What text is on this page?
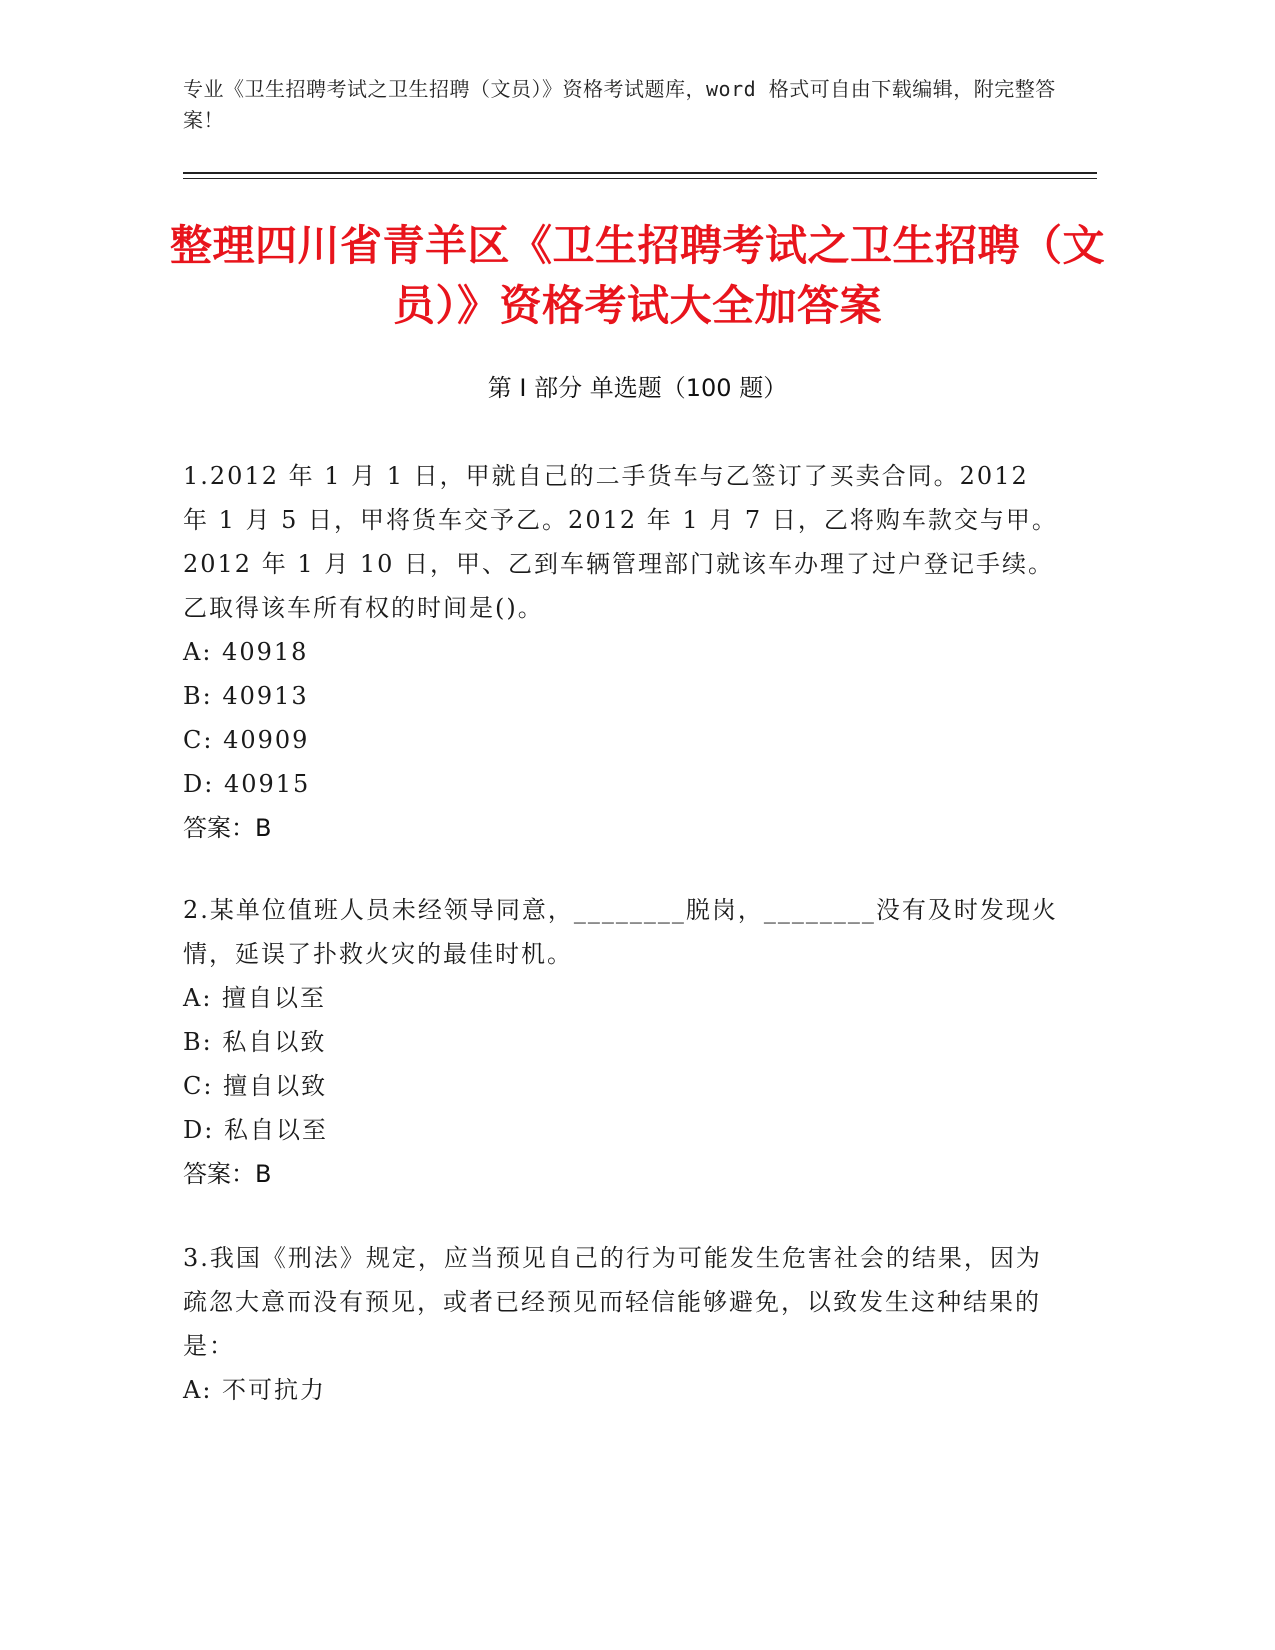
专业《卫生招聘考试之卫生招聘（文员）》资格考试题库，word 格式可自由下载编辑，附完整答案！
整理四川省青羊区《卫生招聘考试之卫生招聘（文员）》资格考试大全加答案
第 I 部分 单选题（100 题）
1.2012 年 1 月 1 日，甲就自己的二手货车与乙签订了买卖合同。2012 年 1 月 5 日，甲将货车交予乙。2012 年 1 月 7 日，乙将购车款交与甲。2012 年 1 月 10 日，甲、乙到车辆管理部门就该车办理了过户登记手续。乙取得该车所有权的时间是()。
A: 40918
B: 40913
C: 40909
D: 40915
答案：B
2.某单位值班人员未经领导同意，________脱岗，________没有及时发现火情，延误了扑救火灾的最佳时机。
A: 擅自以至
B: 私自以致
C: 擅自以致
D: 私自以至
答案：B
3.我国《刑法》规定，应当预见自己的行为可能发生危害社会的结果，因为疏忽大意而没有预见，或者已经预见而轻信能够避免，以致发生这种结果的是：
A: 不可抗力
